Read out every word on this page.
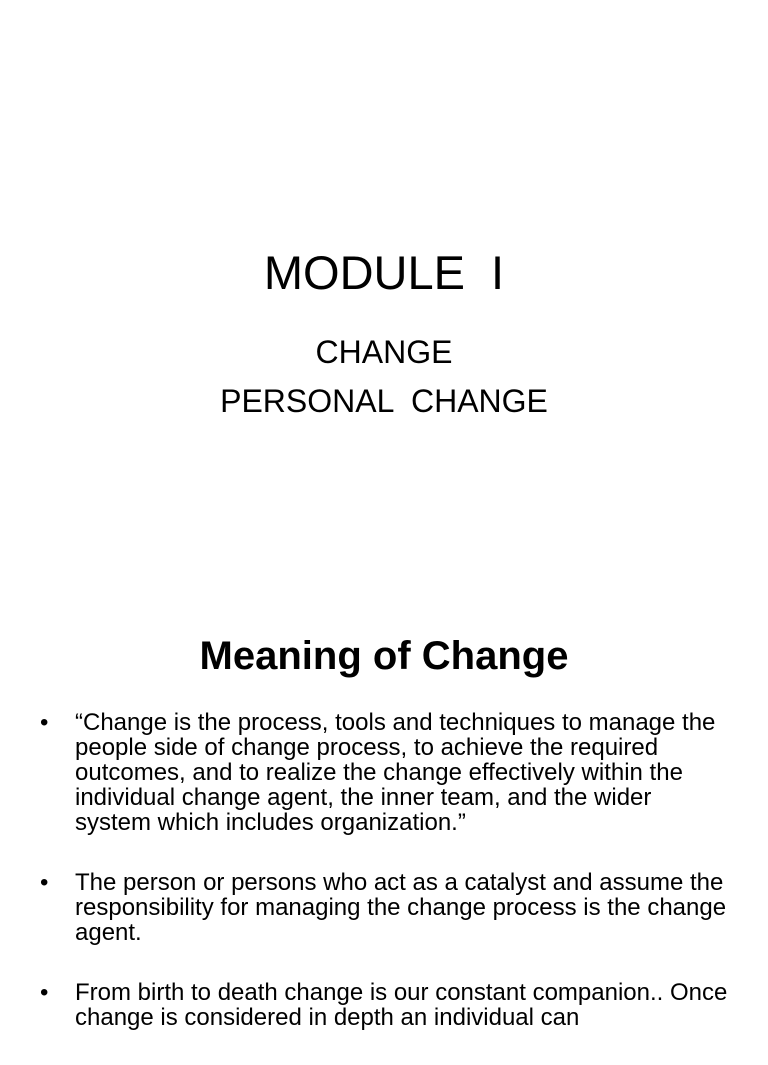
MODULE  I
CHANGE
PERSONAL  CHANGE
Meaning of Change
•	“Change is the process, tools and techniques to manage the people side of change process, to achieve the required outcomes, and to realize the change effectively within the individual change agent, the inner team, and the wider system which includes organization.”
•	The person or persons who act as a catalyst and assume the responsibility for managing the change process is the change agent.
•	From birth to death change is our constant companion.. Once change is considered in depth an individual can
